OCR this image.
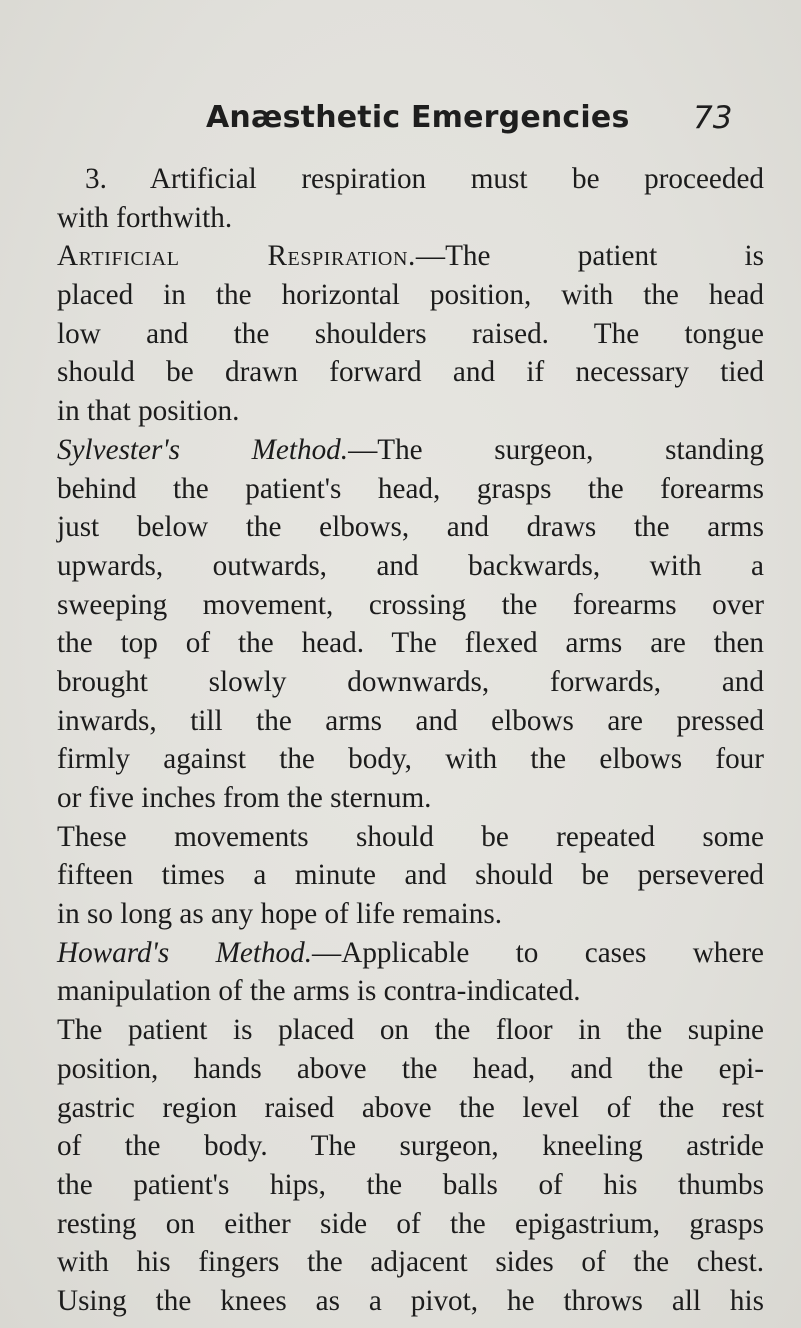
Anæsthetic Emergencies 73
3. Artificial respiration must be proceeded
with forthwith.
Artificial Respiration.—The patient is
placed in the horizontal position, with the head
low and the shoulders raised. The tongue
should be drawn forward and if necessary tied
in that position.
Sylvester's Method.—The surgeon, standing
behind the patient's head, grasps the forearms
just below the elbows, and draws the arms
upwards, outwards, and backwards, with a
sweeping movement, crossing the forearms over
the top of the head. The flexed arms are then
brought slowly downwards, forwards, and
inwards, till the arms and elbows are pressed
firmly against the body, with the elbows four
or five inches from the sternum.
These movements should be repeated some
fifteen times a minute and should be persevered
in so long as any hope of life remains.
Howard's Method.—Applicable to cases where
manipulation of the arms is contra-indicated.
The patient is placed on the floor in the supine
position, hands above the head, and the epi-
gastric region raised above the level of the rest
of the body. The surgeon, kneeling astride
the patient's hips, the balls of his thumbs
resting on either side of the epigastrium, grasps
with his fingers the adjacent sides of the chest.
Using the knees as a pivot, he throws all his
